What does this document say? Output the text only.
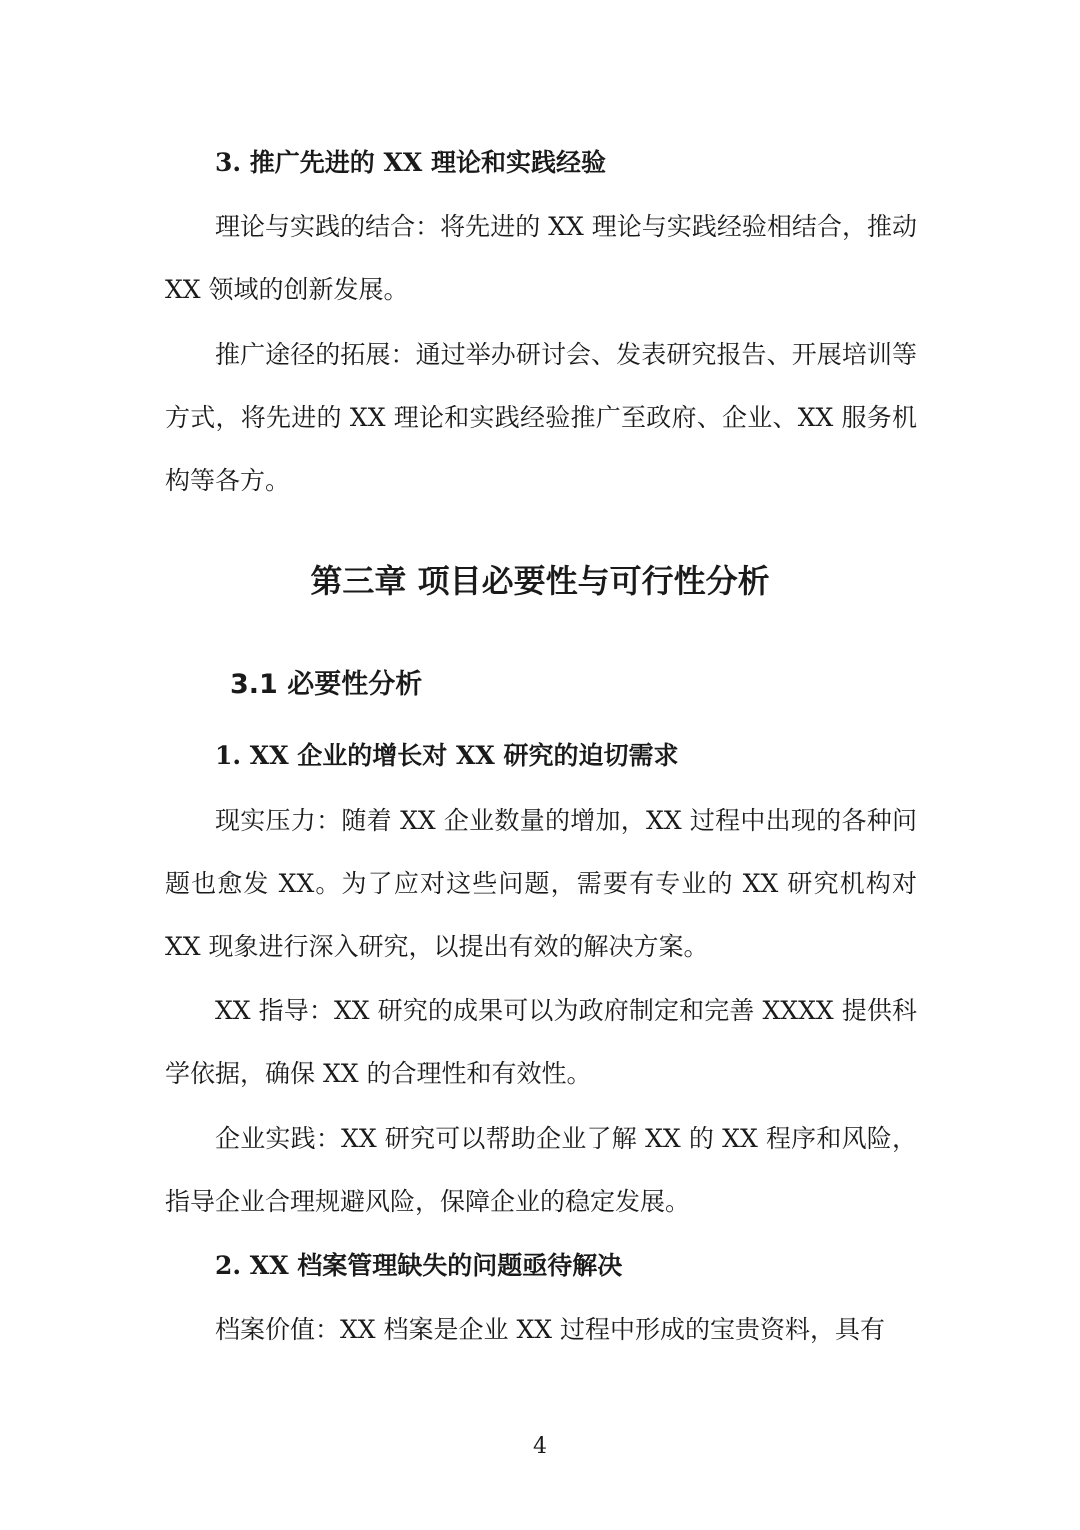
3. 推广先进的 XX 理论和实践经验

理论与实践的结合：将先进的 XX 理论与实践经验相结合，推动 XX 领域的创新发展。

推广途径的拓展：通过举办研讨会、发表研究报告、开展培训等方式，将先进的 XX 理论和实践经验推广至政府、企业、XX 服务机构等各方。

第三章 项目必要性与可行性分析
3.1 必要性分析

1. XX 企业的增长对 XX 研究的迫切需求

现实压力：随着 XX 企业数量的增加，XX 过程中出现的各种问题也愈发 XX。为了应对这些问题，需要有专业的 XX 研究机构对 XX 现象进行深入研究，以提出有效的解决方案。

XX 指导：XX 研究的成果可以为政府制定和完善 XXXX 提供科学依据，确保 XX 的合理性和有效性。

企业实践：XX 研究可以帮助企业了解 XX 的 XX 程序和风险，指导企业合理规避风险，保障企业的稳定发展。

2. XX 档案管理缺失的问题亟待解决

档案价值：XX 档案是企业 XX 过程中形成的宝贵资料，具有

4
